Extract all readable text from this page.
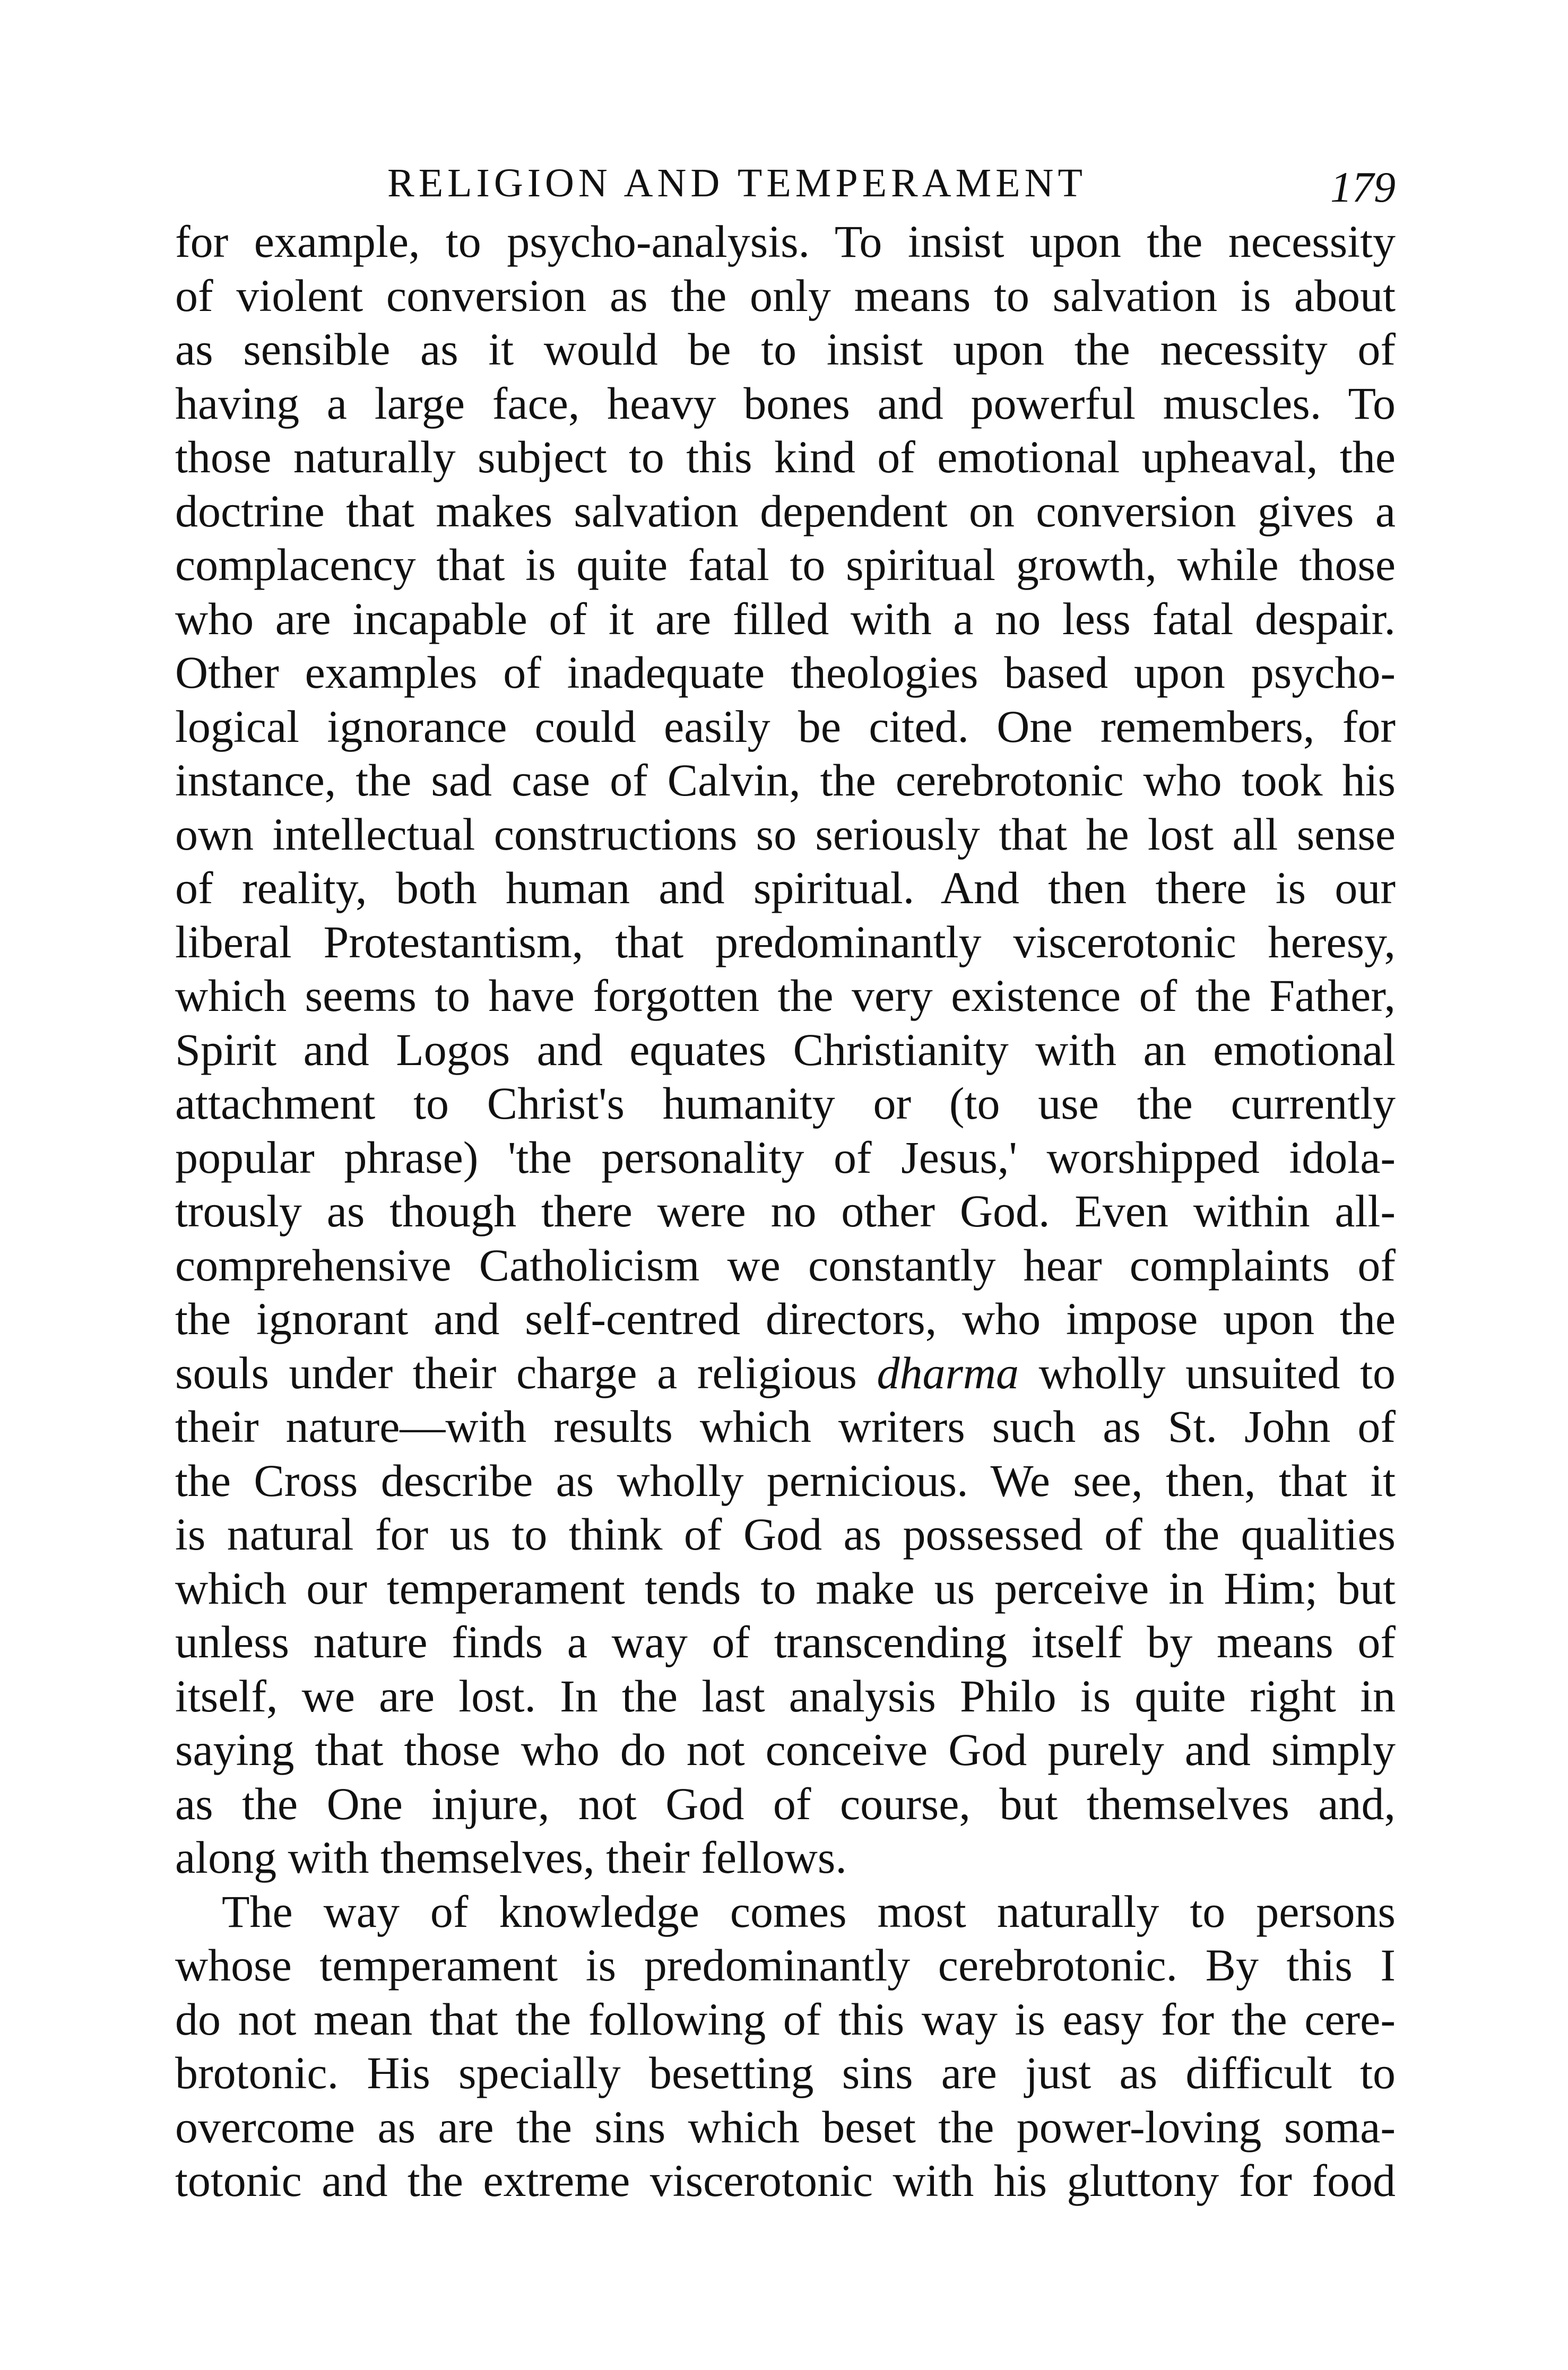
RELIGION AND TEMPERAMENT	179
for example, to psycho-analysis. To insist upon the necessity
of violent conversion as the only means to salvation is about
as sensible as it would be to insist upon the necessity of
having a large face, heavy bones and powerful muscles. To
those naturally subject to this kind of emotional upheaval, the
doctrine that makes salvation dependent on conversion gives a
complacency that is quite fatal to spiritual growth, while those
who are incapable of it are filled with a no less fatal despair.
Other examples of inadequate theologies based upon psycho-
logical ignorance could easily be cited. One remembers, for
instance, the sad case of Calvin, the cerebrotonic who took his
own intellectual constructions so seriously that he lost all sense
of reality, both human and spiritual. And then there is our
liberal Protestantism, that predominantly viscerotonic heresy,
which seems to have forgotten the very existence of the Father,
Spirit and Logos and equates Christianity with an emotional
attachment to Christ's humanity or (to use the currently
popular phrase) 'the personality of Jesus,' worshipped idola-
trously as though there were no other God. Even within all-
comprehensive Catholicism we constantly hear complaints of
the ignorant and self-centred directors, who impose upon the
souls under their charge a religious dharma wholly unsuited to
their nature—with results which writers such as St. John of
the Cross describe as wholly pernicious. We see, then, that it
is natural for us to think of God as possessed of the qualities
which our temperament tends to make us perceive in Him; but
unless nature finds a way of transcending itself by means of
itself, we are lost. In the last analysis Philo is quite right in
saying that those who do not conceive God purely and simply
as the One injure, not God of course, but themselves and,
along with themselves, their fellows.
The way of knowledge comes most naturally to persons
whose temperament is predominantly cerebrotonic. By this I
do not mean that the following of this way is easy for the cere-
brotonic. His specially besetting sins are just as difficult to
overcome as are the sins which beset the power-loving soma-
totonic and the extreme viscerotonic with his gluttony for food
